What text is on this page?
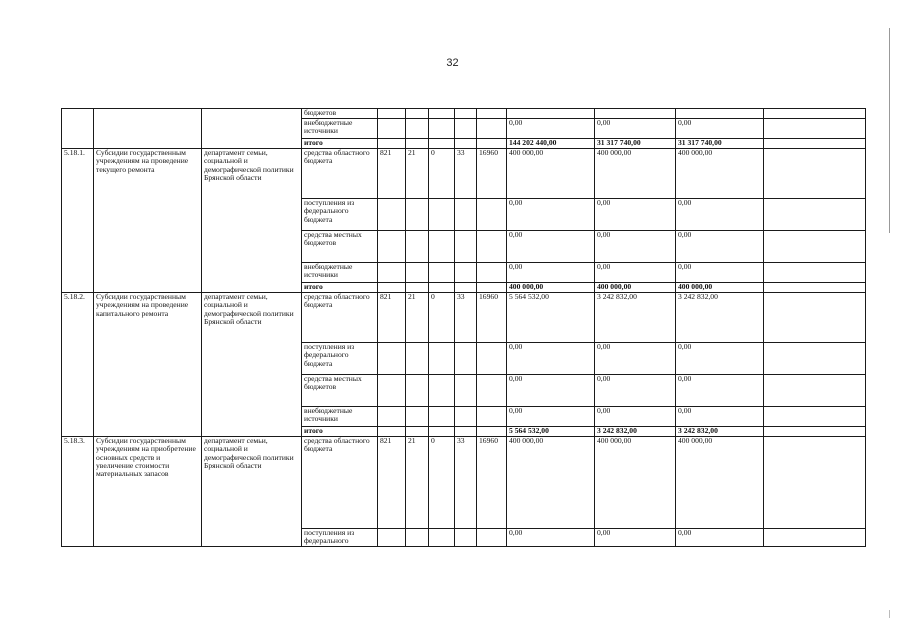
32
			бюджетов									
			внебюджетные источники						0,00	0,00	0,00	
			итого						144 202 440,00	31 317 740,00	31 317 740,00	
5.18.1.	Субсидии государственным учреждениям на проведение текущего ремонта	департамент семьи, социальной и демографической политики Брянской области	средства областного бюджета	821	21	0	33	16960	400 000,00	400 000,00	400 000,00	
			поступления из федерального бюджета						0,00	0,00	0,00	
			средства местных бюджетов						0,00	0,00	0,00	
			внебюджетные источники						0,00	0,00	0,00	
			итого						400 000,00	400 000,00	400 000,00	
5.18.2.	Субсидии государственным учреждениям на проведение капитального ремонта	департамент семьи, социальной и демографической политики Брянской области	средства областного бюджета	821	21	0	33	16960	5 564 532,00	3 242 832,00	3 242 832,00	
			поступления из федерального бюджета						0,00	0,00	0,00	
			средства местных бюджетов						0,00	0,00	0,00	
			внебюджетные источники						0,00	0,00	0,00	
			итого						5 564 532,00	3 242 832,00	3 242 832,00	
5.18.3.	Субсидии государственным учреждениям на приобретение основных средств и увеличение стоимости материальных запасов	департамент семьи, социальной и демографической политики Брянской области	средства областного бюджета	821	21	0	33	16960	400 000,00	400 000,00	400 000,00	
			поступления из федерального						0,00	0,00	0,00	
